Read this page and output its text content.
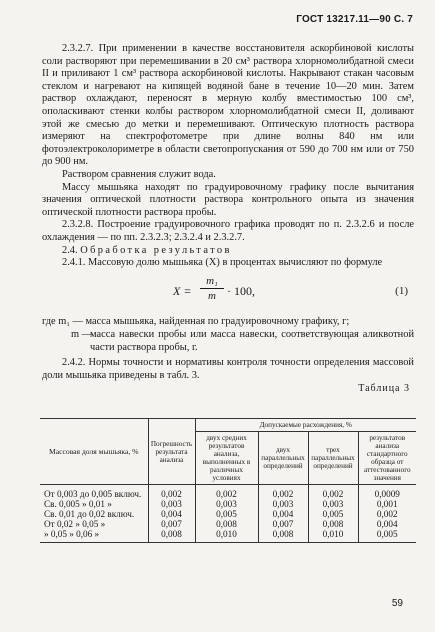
ГОСТ 13217.11—90 С. 7

2.3.2.7. При применении в качестве восстановителя аскорбиновой кислоты соли растворяют при перемешивании в 20 см³ раствора хлорномолибдатной смеси II и приливают 1 см³ раствора аскорбиновой кислоты. Накрывают стакан часовым стеклом и нагревают на кипящей водяной бане в течение 10—20 мин. Затем раствор охлаждают, переносят в мерную колбу вместимостью 100 см³, ополаскивают стенки колбы раствором хлорномолибдатной смеси II, доливают этой же смесью до метки и перемешивают. Оптическую плотность раствора измеряют на спектрофотометре при длине волны 840 нм или фотоэлектроколориметре в области светопропускания от 590 до 700 нм или от 750 до 900 нм.

Раствором сравнения служит вода.

Массу мышьяка находят по градуировочному графику после вычитания значения оптической плотности раствора контрольного опыта из значения оптической плотности раствора пробы.

2.3.2.8. Построение градуировочного графика проводят по п. 2.3.2.6 и после охлаждения — по пп. 2.3.2.3; 2.3.2.4 и 2.3.2.7.

2.4. Обработка результатов

2.4.1. Массовую долю мышьяка (X) в процентах вычисляют по формуле

$X = \frac{\text{m₁}}{m} \cdot 100$,	(1)

где m₁ — масса мышьяка, найденная по градуировочному графику, г;

m —
масса навески пробы или масса навески, соответствующая аликвотной части раствора пробы, г.

2.4.2. Нормы точности и нормативы контроля точности определения массовой доли мышьяка приведены в табл. 3.

Таблица 3

Массовая доля мышьяка, %	Погрешность результата анализа	Допускаемые расхождения, %			
		двух средних результатов анализа, выполненных в различных условиях	двух параллельных определений	трех параллельных определений	результатов анализа стандартного образца от аттестованного значения
От 0,003 до 0,005 включ.	0,002	0,002	0,002	0,002	0,0009
Св. 0,005 » 0,01 »	0,003	0,003	0,003	0,003	0,001
Св. 0,01 до 0,02 включ.	0,004	0,005	0,004	0,005	0,002
От 0,02 » 0,05 »	0,007	0,008	0,007	0,008	0,004
» 0,05 » 0,06 »	0,008	0,010	0,008	0,010	0,005
59
